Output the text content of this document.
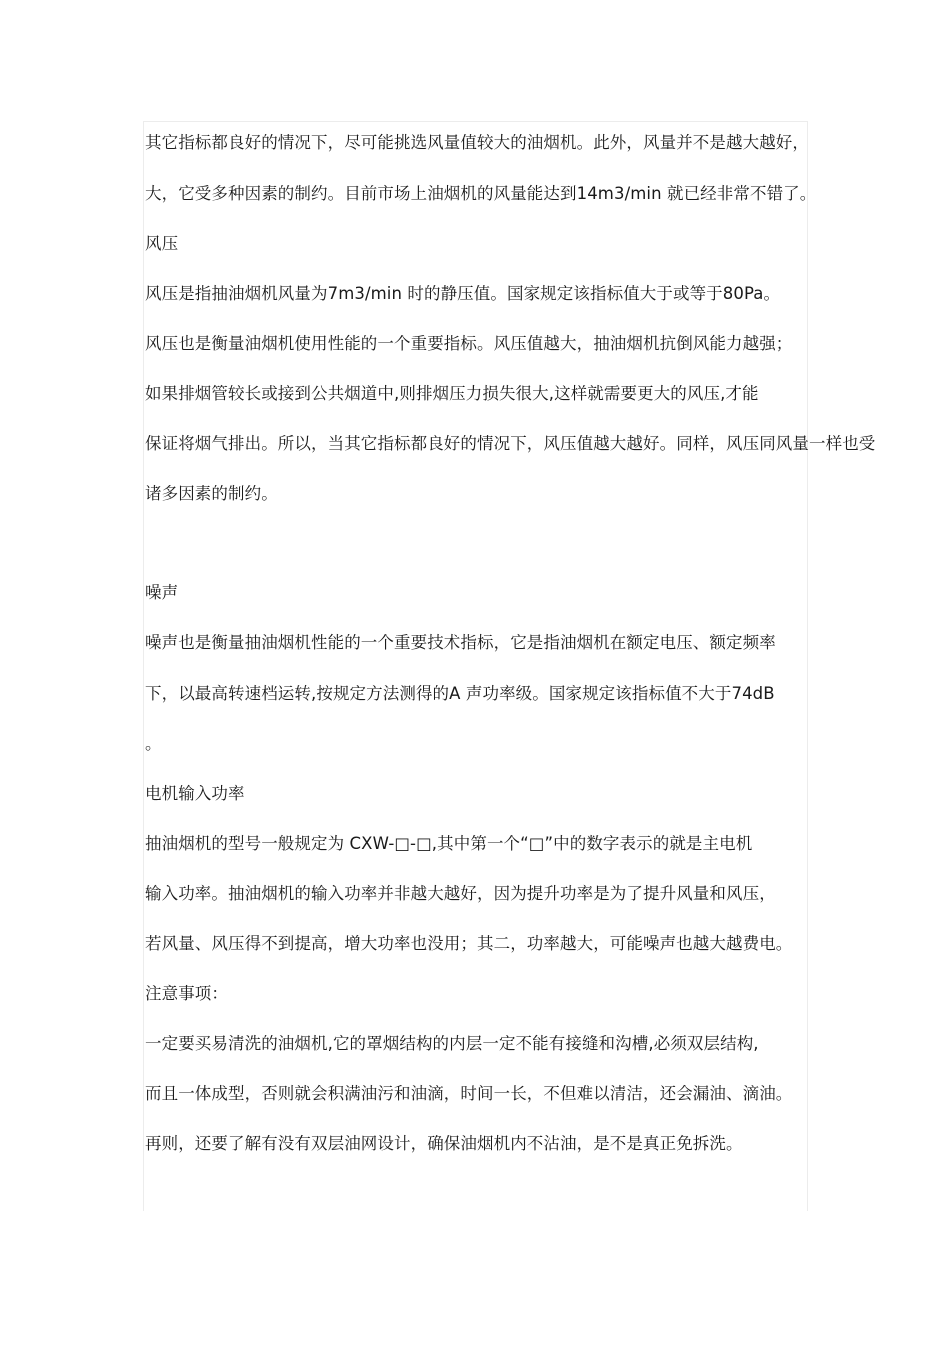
其它指标都良好的情况下，尽可能挑选风量值较大的油烟机。此外，风量并不是越大越好，
大，它受多种因素的制约。目前市场上油烟机的风量能达到14m3/min 就已经非常不错了。
风压
风压是指抽油烟机风量为7m3/min 时的静压值。国家规定该指标值大于或等于80Pa。
风压也是衡量油烟机使用性能的一个重要指标。风压值越大，抽油烟机抗倒风能力越强；
如果排烟管较长或接到公共烟道中,则排烟压力损失很大,这样就需要更大的风压,才能
保证将烟气排出。所以，当其它指标都良好的情况下，风压值越大越好。同样，风压同风量一样也受
诸多因素的制约。
噪声
噪声也是衡量抽油烟机性能的一个重要技术指标，它是指油烟机在额定电压、额定频率
下，以最高转速档运转,按规定方法测得的A 声功率级。国家规定该指标值不大于74dB
。
电机输入功率
抽油烟机的型号一般规定为 CXW-□-□,其中第一个“□”中的数字表示的就是主电机
输入功率。抽油烟机的输入功率并非越大越好，因为提升功率是为了提升风量和风压，
若风量、风压得不到提高，增大功率也没用；其二，功率越大，可能噪声也越大越费电。
注意事项：
一定要买易清洗的油烟机,它的罩烟结构的内层一定不能有接缝和沟槽,必须双层结构,
而且一体成型，否则就会积满油污和油滴，时间一长，不但难以清洁，还会漏油、滴油。
再则，还要了解有没有双层油网设计，确保油烟机内不沾油，是不是真正免拆洗。
